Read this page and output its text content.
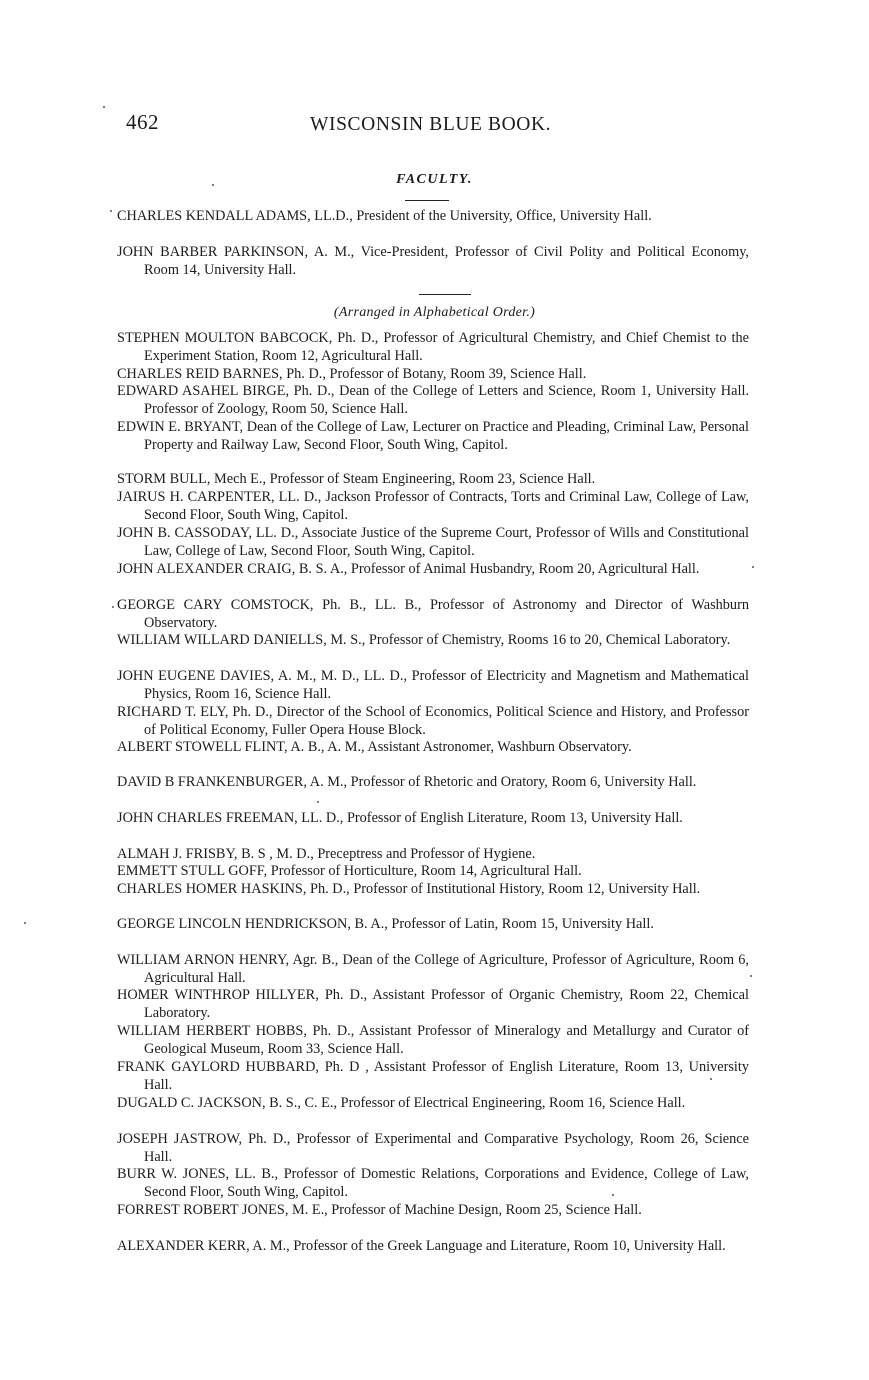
462	WISCONSIN BLUE BOOK.
FACULTY.
CHARLES KENDALL ADAMS, LL.D., President of the University, Office, University Hall.
JOHN BARBER PARKINSON, A. M., Vice-President, Professor of Civil Polity and Political Economy, Room 14, University Hall.
(Arranged in Alphabetical Order.)
STEPHEN MOULTON BABCOCK, Ph. D., Professor of Agricultural Chemistry, and Chief Chemist to the Experiment Station, Room 12, Agricultural Hall.
CHARLES REID BARNES, Ph. D., Professor of Botany, Room 39, Science Hall.
EDWARD ASAHEL BIRGE, Ph. D., Dean of the College of Letters and Science, Room 1, University Hall. Professor of Zoology, Room 50, Science Hall.
EDWIN E. BRYANT, Dean of the College of Law, Lecturer on Practice and Pleading, Criminal Law, Personal Property and Railway Law, Second Floor, South Wing, Capitol.
STORM BULL, Mech E., Professor of Steam Engineering, Room 23, Science Hall.
JAIRUS H. CARPENTER, LL. D., Jackson Professor of Contracts, Torts and Criminal Law, College of Law, Second Floor, South Wing, Capitol.
JOHN B. CASSODAY, LL. D., Associate Justice of the Supreme Court, Professor of Wills and Constitutional Law, College of Law, Second Floor, South Wing, Capitol.
JOHN ALEXANDER CRAIG, B. S. A., Professor of Animal Husbandry, Room 20, Agricultural Hall.
GEORGE CARY COMSTOCK, Ph. B., LL. B., Professor of Astronomy and Director of Washburn Observatory.
WILLIAM WILLARD DANIELLS, M. S., Professor of Chemistry, Rooms 16 to 20, Chemical Laboratory.
JOHN EUGENE DAVIES, A. M., M. D., LL. D., Professor of Electricity and Magnetism and Mathematical Physics, Room 16, Science Hall.
RICHARD T. ELY, Ph. D., Director of the School of Economics, Political Science and History, and Professor of Political Economy, Fuller Opera House Block.
ALBERT STOWELL FLINT, A. B., A. M., Assistant Astronomer, Washburn Observatory.
DAVID B FRANKENBURGER, A. M., Professor of Rhetoric and Oratory, Room 6, University Hall.
JOHN CHARLES FREEMAN, LL. D., Professor of English Literature, Room 13, University Hall.
ALMAH J. FRISBY, B. S , M. D., Preceptress and Professor of Hygiene.
EMMETT STULL GOFF, Professor of Horticulture, Room 14, Agricultural Hall.
CHARLES HOMER HASKINS, Ph. D., Professor of Institutional History, Room 12, University Hall.
GEORGE LINCOLN HENDRICKSON, B. A., Professor of Latin, Room 15, University Hall.
WILLIAM ARNON HENRY, Agr. B., Dean of the College of Agriculture, Professor of Agriculture, Room 6, Agricultural Hall.
HOMER WINTHROP HILLYER, Ph. D., Assistant Professor of Organic Chemistry, Room 22, Chemical Laboratory.
WILLIAM HERBERT HOBBS, Ph. D., Assistant Professor of Mineralogy and Metallurgy and Curator of Geological Museum, Room 33, Science Hall.
FRANK GAYLORD HUBBARD, Ph. D , Assistant Professor of English Literature, Room 13, University Hall.
DUGALD C. JACKSON, B. S., C. E., Professor of Electrical Engineering, Room 16, Science Hall.
JOSEPH JASTROW, Ph. D., Professor of Experimental and Comparative Psychology, Room 26, Science Hall.
BURR W. JONES, LL. B., Professor of Domestic Relations, Corporations and Evidence, College of Law, Second Floor, South Wing, Capitol.
FORREST ROBERT JONES, M. E., Professor of Machine Design, Room 25, Science Hall.
ALEXANDER KERR, A. M., Professor of the Greek Language and Literature, Room 10, University Hall.
